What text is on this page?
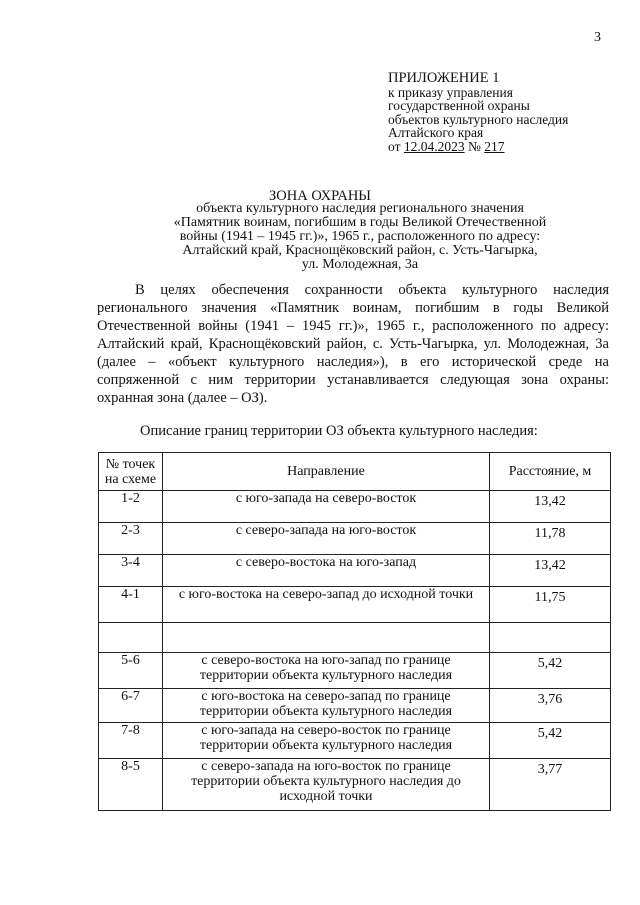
3
ПРИЛОЖЕНИЕ 1
к приказу управления
государственной охраны
объектов культурного наследия
Алтайского края
от 12.04.2023 № 217
ЗОНА ОХРАНЫ
объекта культурного наследия регионального значения
«Памятник воинам, погибшим в годы Великой Отечественной
войны (1941 – 1945 гг.)», 1965 г., расположенного по адресу:
Алтайский край, Краснощёковский район, с. Усть-Чагырка,
ул. Молодежная, 3а
В целях обеспечения сохранности объекта культурного наследия регионального значения «Памятник воинам, погибшим в годы Великой Отечественной войны (1941 – 1945 гг.)», 1965 г., расположенного по адресу: Алтайский край, Краснощёковский район, с. Усть-Чагырка, ул. Молодежная, 3а (далее – «объект культурного наследия»), в его исторической среде на сопряженной с ним территории устанавливается следующая зона охраны: охранная зона (далее – ОЗ).
Описание границ территории ОЗ объекта культурного наследия:
№ точек на схеме	Направление	Расстояние, м
1-2	с юго-запада на северо-восток	13,42
2-3	с северо-запада на юго-восток	11,78
3-4	с северо-востока на юго-запад	13,42
4-1	с юго-востока на северо-запад до исходной точки	11,75

5-6	с северо-востока на юго-запад по границе территории объекта культурного наследия	5,42
6-7	с юго-востока на северо-запад по границе территории объекта культурного наследия	3,76
7-8	с юго-запада на северо-восток по границе территории объекта культурного наследия	5,42
8-5	с северо-запада на юго-восток по границе территории объекта культурного наследия до исходной точки	3,77
